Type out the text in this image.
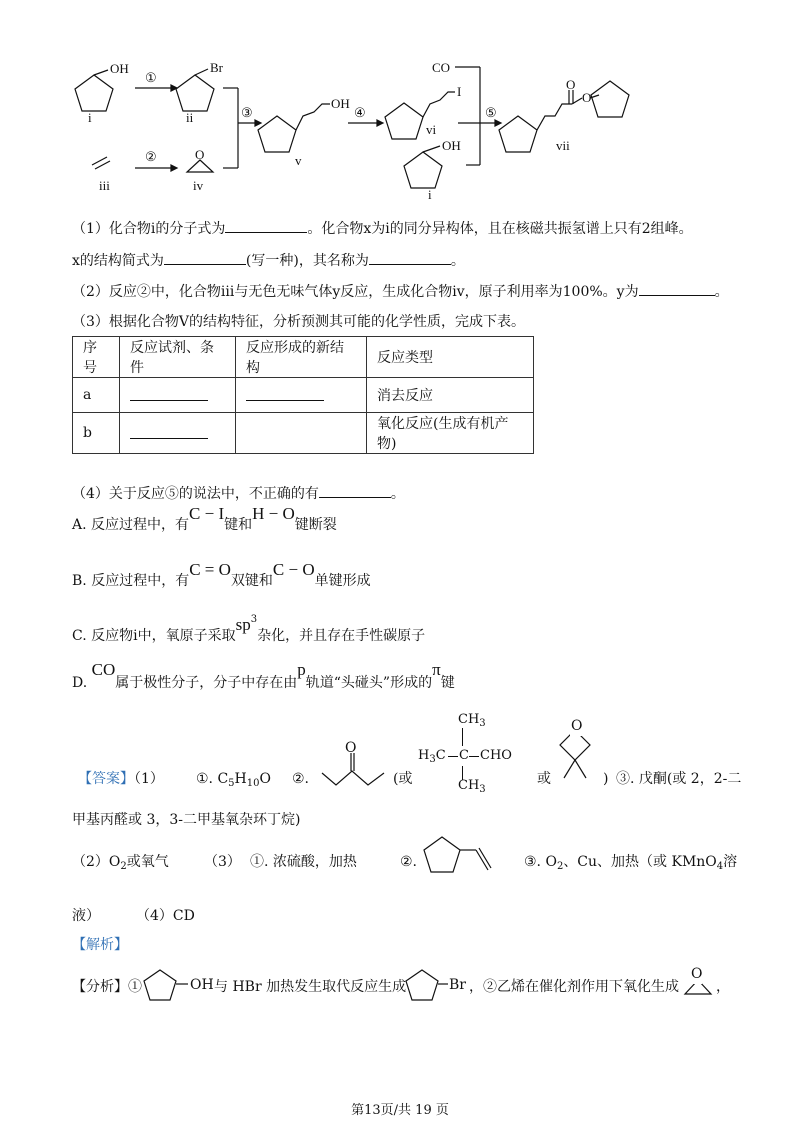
OH
i
①
Br
ii
iii
②	O
iv
③
OH
v
④
I
vi
CO
OH
i
⑤
O
O
vii
（1）化合物ⅰ的分子式为	。化合物x为ⅰ的同分异构体，且在核磁共振氢谱上只有2组峰。
x的结构简式为	(写一种)，其名称为	。
（2）反应②中，化合物ⅲ与无色无味气体y反应，生成化合物ⅳ，原子利用率为100%。y为	。
（3）根据化合物V的结构特征，分析预测其可能的化学性质，完成下表。
序号	反应试剂、条件	反应形成的新结构	反应类型
a			消去反应
b			氧化反应(生成有机产物)
（4）关于反应⑤的说法中，不正确的有	。
A. 反应过程中，有C − I键和H − O键断裂
B. 反应过程中，有C = O双键和C − O单键形成
C. 反应物ⅰ中，氧原子采取$sp^3$杂化，并且存在手性碳原子
D. CO属于极性分子，分子中存在由p轨道“头碰头”形成的π键
【答案】（1） ①. $C_5H_{10}O$ ②.
O
(或
$CH_3$
$H_3C$ C CHO
$CH_3$
或
O
) ③. 戊酮(或 2，2-二
甲基丙醛或 3，3-二甲基氧杂环丁烷)
$(2)O_2$或氧气	（3） ①. 浓硫酸，加热	②.	③. $O_2$、Cu、加热（或 KMnO$_4$溶
液）	（4）CD
【解析】
【分析】①	OH 与 HBr 加热发生取代反应生成	Br ，②乙烯在催化剂作用下氧化生成
O
，
第13页/共 19 页
